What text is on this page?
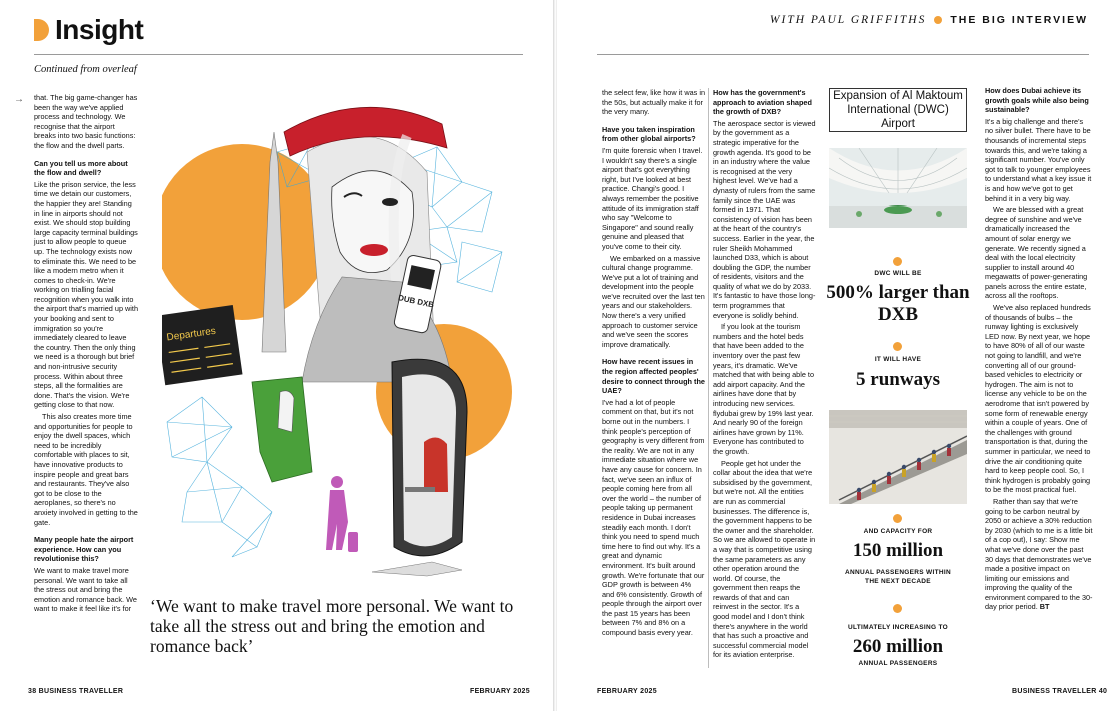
Insight
Continued from overleaf
→ that. The big game-changer has been the way we've applied process and technology. We recognise that the airport breaks into two basic functions: the flow and the dwell parts.

Can you tell us more about the flow and dwell?

Like the prison service, the less time we detain our customers, the happier they are! Standing in line in airports should not exist. We should stop building large capacity terminal buildings just to allow people to queue up. The technology exists now to eliminate this. We need to be like a modern metro when it comes to check-in. We're working on trialling facial recognition when you walk into the airport that's married up with your booking and sent to immigration so you're immediately cleared to leave the country. Then the only thing we need is a thorough but brief and non-intrusive security process. Within about three steps, all the formalities are done. That's the vision. We're getting close to that now.

This also creates more time and opportunities for people to enjoy the dwell spaces, which need to be incredibly comfortable with places to sit, have innovative products to inspire people and great bars and restaurants. They've also got to be close to the aeroplanes, so there's no anxiety involved in getting to the gate.

Many people hate the airport experience. How can you revolutionise this?

We want to make travel more personal. We want to take all the stress out and bring the emotion and romance back. We want to make it feel like it's for

DUB DXB
Departures
‘We want to make travel more personal. We want to take all the stress out and bring the emotion and romance back’
38 BUSINESS TRAVELLER	FEBRUARY 2025
WITH PAUL GRIFFITHS THE BIG INTERVIEW

the select few, like how it was in the 50s, but actually make it for the very many.

Have you taken inspiration from other global airports?

I'm quite forensic when I travel. I wouldn't say there's a single airport that's got everything right, but I've looked at best practice. Changi's good. I always remember the positive attitude of its immigration staff who say "Welcome to Singapore" and sound really genuine and pleased that you've come to their city.

We embarked on a massive cultural change programme. We've put a lot of training and development into the people we've recruited over the last ten years and our stakeholders. Now there's a very unified approach to customer service and we've seen the scores improve dramatically.

How have recent issues in the region affected peoples' desire to connect through the UAE?

I've had a lot of people comment on that, but it's not borne out in the numbers. I think people's perception of geography is very different from the reality. We are not in any immediate situation where we have any cause for concern. In fact, we've seen an influx of people coming here from all over the world – the number of people taking up permanent residence in Dubai increases steadily each month. I don't think you need to spend much time here to find out why. It's a great and dynamic environment. It's built around growth. We're fortunate that our GDP growth is between 4% and 6% consistently. Growth of people through the airport over the past 15 years has been between 7% and 8% on a compound basis every year.

How has the government's approach to aviation shaped the growth of DXB?

The aerospace sector is viewed by the government as a strategic imperative for the growth agenda. It's good to be in an industry where the value is recognised at the very highest level. We've had a dynasty of rulers from the same family since the UAE was formed in 1971. That consistency of vision has been at the heart of the country's success. Earlier in the year, the ruler Sheikh Mohammed launched D33, which is about doubling the GDP, the number of residents, visitors and the quality of what we do by 2033. It's fantastic to have those long-term programmes that everyone is solidly behind.

If you look at the tourism numbers and the hotel beds that have been added to the inventory over the past few years, it's dramatic. We've matched that with being able to add airport capacity. And the airlines have done that by introducing new services. flydubai grew by 19% last year. And nearly 90 of the foreign airlines have grown by 11%. Everyone has contributed to the growth.

People get hot under the collar about the idea that we're subsidised by the government, but we're not. All the entities are run as commercial businesses. The difference is, the government happens to be the owner and the shareholder. So we are allowed to operate in a way that is competitive using the same parameters as any other operation around the world. Of course, the government then reaps the rewards of that and can reinvest in the sector. It's a good model and I don't think there's anywhere in the world that has such a proactive and successful commercial model for its aviation enterprise.

Expansion of Al Maktoum International (DWC) Airport
DWC WILL BE
500% larger than DXB
IT WILL HAVE
5 runways
AND CAPACITY FOR
150 million
ANNUAL PASSENGERS WITHIN THE NEXT DECADE
ULTIMATELY INCREASING TO
260 million
ANNUAL PASSENGERS

How does Dubai achieve its growth goals while also being sustainable?

It's a big challenge and there's no silver bullet. There have to be thousands of incremental steps towards this, and we're taking a significant number. You've only got to talk to younger employees to understand what a key issue it is and how we've got to get behind it in a very big way.

We are blessed with a great degree of sunshine and we've dramatically increased the amount of solar energy we generate. We recently signed a deal with the local electricity supplier to install around 40 megawatts of power-generating panels across the entire estate, across all the rooftops.

We've also replaced hundreds of thousands of bulbs – the runway lighting is exclusively LED now. By next year, we hope to have 80% of all of our waste not going to landfill, and we're converting all of our ground-based vehicles to electricity or hydrogen. The aim is not to license any vehicle to be on the aerodrome that isn't powered by some form of renewable energy within a couple of years. One of the challenges with ground transportation is that, during the summer in particular, we need to drive the air conditioning quite hard to keep people cool. So, I think hydrogen is probably going to be the most practical fuel.

Rather than say that we're going to be carbon neutral by 2050 or achieve a 30% reduction by 2030 (which to me is a little bit of a cop out), I say: Show me what we've done over the past 30 days that demonstrates we've made a positive impact on limiting our emissions and improving the quality of the environment compared to the 30-day prior period. BT

FEBRUARY 2025	BUSINESS TRAVELLER 40
